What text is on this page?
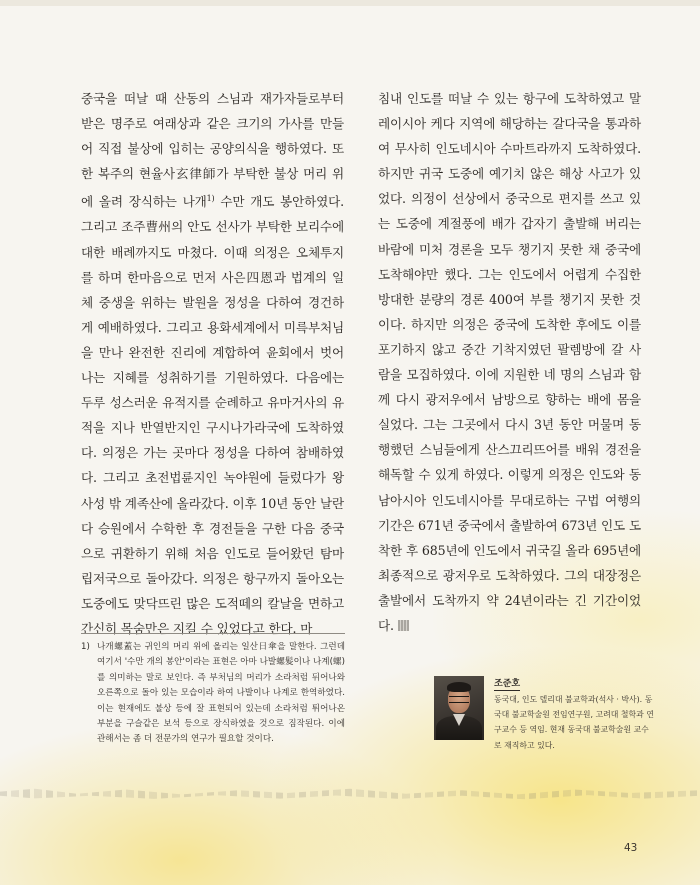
중국을 떠날 때 산동의 스님과 재가자들로부터 받은 명주로 여래상과 같은 크기의 가사를 만들어 직접 불상에 입히는 공양의식을 행하였다. 또한 복주의 현율사玄律師가 부탁한 불상 머리 위에 올려 장식하는 나개$^{1)}$ 수만 개도 봉안하였다. 그리고 조주曹州의 안도 선사가 부탁한 보리수에 대한 배례까지도 마쳤다. 이때 의정은 오체투지를 하며 한마음으로 먼저 사은四恩과 법계의 일체 중생을 위하는 발원을 정성을 다하여 경건하게 예배하였다. 그리고 용화세계에서 미륵부처님을 만나 완전한 진리에 계합하여 윤회에서 벗어나는 지혜를 성취하기를 기원하였다. 다음에는 두루 성스러운 유적지를 순례하고 유마거사의 유적을 지나 반열반지인 구시나가라국에 도착하였다. 의정은 가는 곳마다 정성을 다하여 참배하였다. 그리고 초전법륜지인 녹야원에 들렀다가 왕사성 밖 계족산에 올라갔다. 이후 10년 동안 날란다 승원에서 수학한 후 경전들을 구한 다음 중국으로 귀환하기 위해 처음 인도로 들어왔던 탐마립저국으로 돌아갔다. 의정은 항구까지 돌아오는 도중에도 맞닥뜨린 많은 도적떼의 칼날을 면하고 간신히 목숨만은 지킬 수 있었다고 한다. 마

침내 인도를 떠날 수 있는 항구에 도착하였고 말레이시아 케다 지역에 해당하는 갈다국을 통과하여 무사히 인도네시아 수마트라까지 도착하였다. 하지만 귀국 도중에 예기치 않은 해상 사고가 있었다. 의정이 선상에서 중국으로 편지를 쓰고 있는 도중에 계절풍에 배가 갑자기 출발해 버리는 바람에 미처 경론을 모두 챙기지 못한 채 중국에 도착해야만 했다. 그는 인도에서 어렵게 수집한 방대한 분량의 경론 400여 부를 챙기지 못한 것이다. 하지만 의정은 중국에 도착한 후에도 이를 포기하지 않고 중간 기착지였던 팔렘방에 갈 사람을 모집하였다. 이에 지원한 네 명의 스님과 함께 다시 광저우에서 남방으로 향하는 배에 몸을 실었다. 그는 그곳에서 다시 3년 동안 머물며 동행했던 스님들에게 산스끄리뜨어를 배워 경전을 해독할 수 있게 하였다. 이렇게 의정은 인도와 동남아시아 인도네시아를 무대로하는 구법 여행의 기간은 671년 중국에서 출발하여 673년 인도 도착한 후 685년에 인도에서 귀국길 올라 695년에 최종적으로 광저우로 도착하였다. 그의 대장정은 출발에서 도착까지 약 24년이라는 긴 기간이었다.

1) 나개螺蓋는 귀인의 머리 위에 올리는 일산日傘을 말한다. 그런데 여기서 '수만 개의 봉안'이라는 표현은 아마 나발螺髮이나 나계(螺)를 의미하는 말로 보인다. 즉 부처님의 머리가 소라처럼 뒤어나와 오른쪽으로 돌아 있는 모습이라 하여 나발이나 나계로 한역하였다. 이는 현재에도 불상 등에 잘 표현되어 있는데 소라처럼 튀어나온 부분을 구슬같은 보석 등으로 장식하였을 것으로 짐작된다. 이에 관해서는 좀 더 전문가의 연구가 필요할 것이다.
조준호
동국대, 인도 델리대 불교학과(석사 · 박사). 동국대 불교학술원 전임연구원, 고려대 철학과 연구교수 등 역임. 현재 동국대 불교학술원 교수로 재직하고 있다.
43
